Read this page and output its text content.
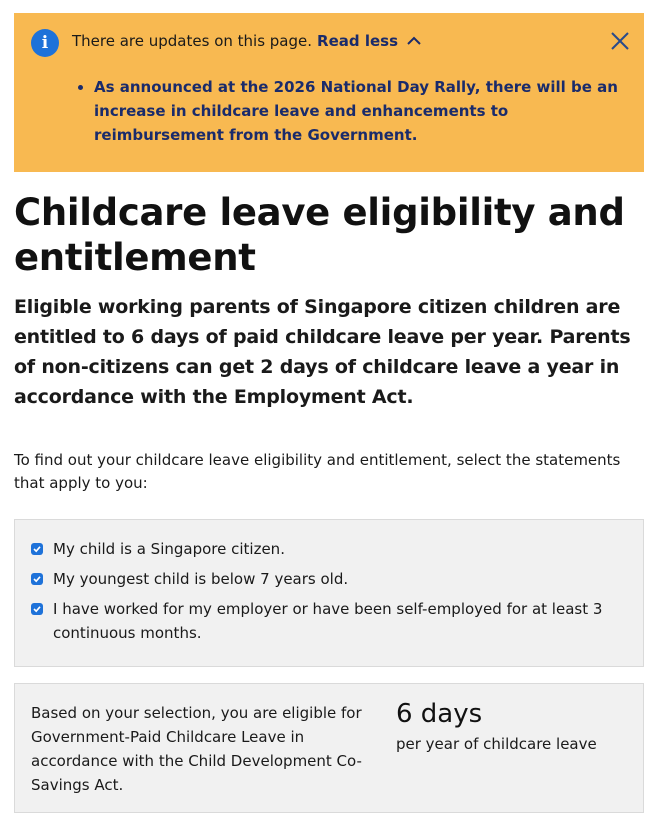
i	There are updates on this page. Read less
As announced at the 2026 National Day Rally, there will be an increase in childcare leave and enhancements to reimbursement from the Government.
Childcare leave eligibility and entitlement

Eligible working parents of Singapore citizen children are entitled to 6 days of paid childcare leave per year. Parents of non-citizens can get 2 days of childcare leave a year in accordance with the Employment Act.

To find out your childcare leave eligibility and entitlement, select the statements that apply to you:

My child is a Singapore citizen.
My youngest child is below 7 years old.
I have worked for my employer or have been self-employed for at least 3 continuous months.

Based on your selection, you are eligible for Government-Paid Childcare Leave in accordance with the Child Development Co-Savings Act.

6 days
per year of childcare leave
